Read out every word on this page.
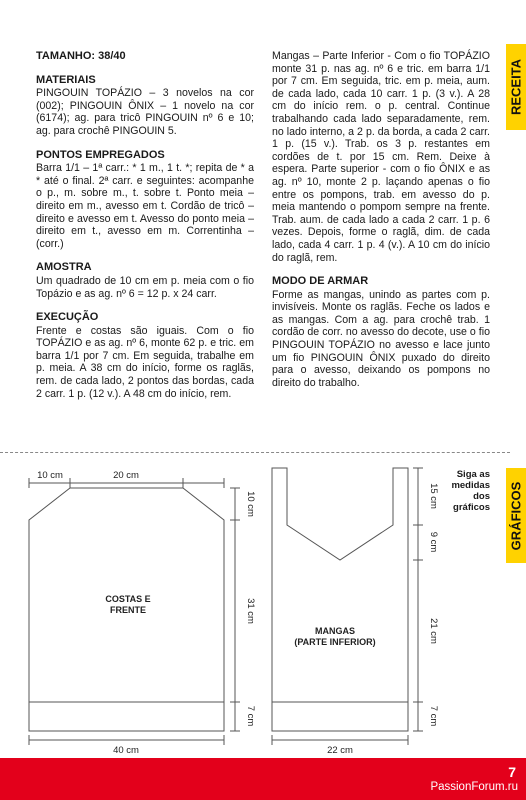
RECEITA
GRÁFICOS

TAMANHO: 38/40

MATERIAIS

PINGOUIN TOPÁZIO – 3 novelos na cor (002); PINGOUIN ÔNIX – 1 novelo na cor (6174); ag. para tricô PINGOUIN nº 6 e 10; ag. para crochê PINGOUIN 5.

PONTOS EMPREGADOS

Barra 1/1 – 1ª carr.: * 1 m., 1 t. *; repita de * a * até o final. 2ª carr. e seguintes: acompanhe o p., m. sobre m., t. sobre t. Ponto meia – direito em m., avesso em t. Cordão de tricô – direito e avesso em t. Avesso do ponto meia – direito em t., avesso em m. Correntinha – (corr.)

AMOSTRA

Um quadrado de 10 cm em p. meia com o fio Topázio e as ag. nº 6 = 12 p. x 24 carr.

EXECUÇÃO

Frente e costas são iguais. Com o fio TOPÁZIO e as ag. nº 6, monte 62 p. e tric. em barra 1/1 por 7 cm. Em seguida, trabalhe em p. meia. A 38 cm do início, forme os raglãs, rem. de cada lado, 2 pontos das bordas, cada 2 carr. 1 p. (12 v.). A 48 cm do início, rem.

Mangas – Parte Inferior - Com o fio TOPÁZIO monte 31 p. nas ag. nº 6 e tric. em barra 1/1 por 7 cm. Em seguida, tric. em p. meia, aum. de cada lado, cada 10 carr. 1 p. (3 v.). A 28 cm do início rem. o p. central. Continue trabalhando cada lado separadamente, rem. no lado interno, a 2 p. da borda, a cada 2 carr. 1 p. (15 v.). Trab. os 3 p. restantes em cordões de t. por 15 cm. Rem. Deixe à espera. Parte superior - com o fio ÔNIX e as ag. nº 10, monte 2 p. laçando apenas o fio entre os pompons, trab. em avesso do p. meia mantendo o pompom sempre na frente. Trab. aum. de cada lado a cada 2 carr. 1 p. 6 vezes. Depois, forme o raglã, dim. de cada lado, cada 4 carr. 1 p. 4 (v.). A 10 cm do início do raglã, rem.

MODO DE ARMAR

Forme as mangas, unindo as partes com p. invisíveis. Monte os raglãs. Feche os lados e as mangas. Com a ag. para crochê trab. 1 cordão de corr. no avesso do decote, use o fio PINGOUIN TOPÁZIO no avesso e lace junto um fio PINGOUIN ÔNIX puxado do direito para o avesso, deixando os pompons no direito do trabalho.

Siga as medidas dos gráficos
10 cm	20 cm
40 cm
10 cm
31 cm
7 cm
COSTAS E
FRENTE
22 cm
15 cm
9 cm
21 cm
7 cm
MANGAS
(PARTE INFERIOR)
7
PassionForum.ru
